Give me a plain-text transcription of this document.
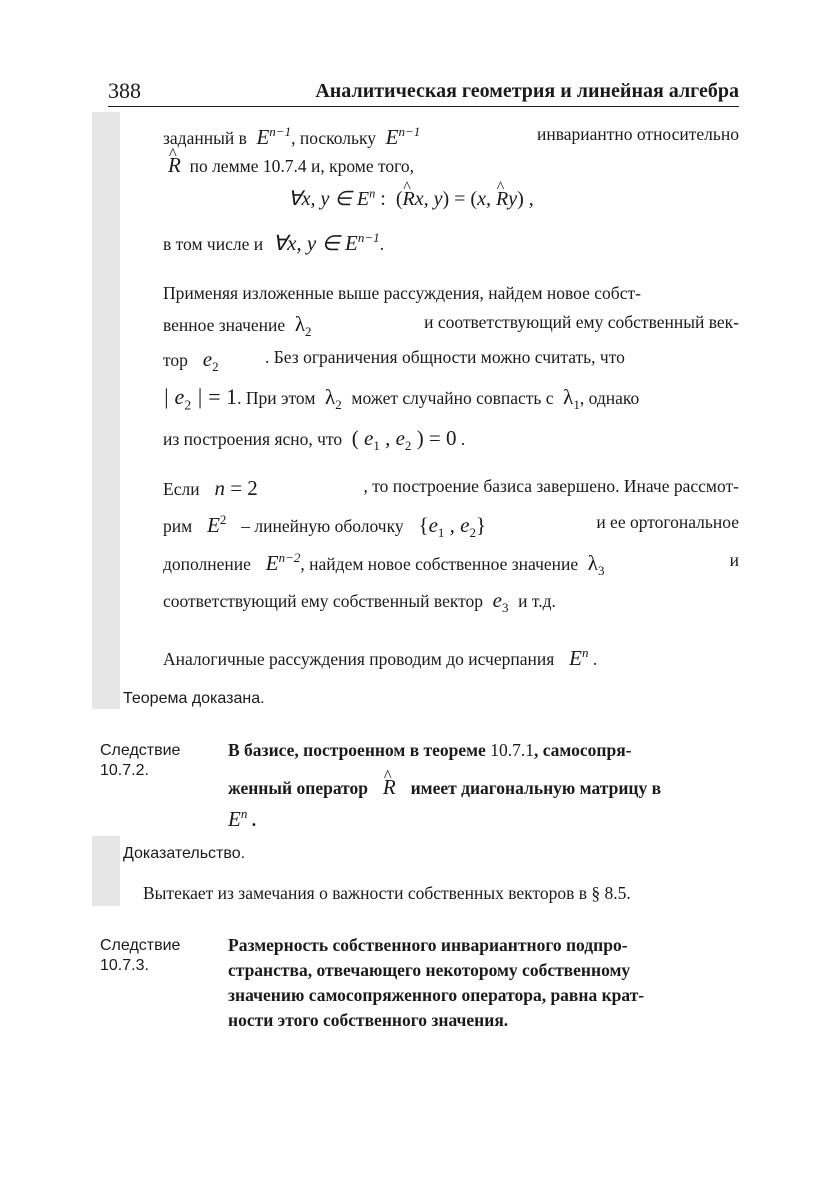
388	Аналитическая геометрия и линейная алгебра
заданный в  $E^{n-1}$, поскольку  $E^{n-1}$	инвариантно относительно
^ R по лемме 10.7.4 и, кроме того,
∀x, y ∈ $E^n$ :  (^ Rx, y) = (x, ^ Ry) ,
в том числе и  ∀x, y ∈ $E^{n-1}$.
Применяя изложенные выше рассуждения, найдем новое собст-
венное значение  $\lambda_2$	и соответствующий ему собственный век-
тор   $e_2$	. Без ограничения общности можно считать, что
| $e_2$ | = 1. При этом  $\lambda_2$ может случайно совпасть с  $\lambda_1$, однако
из построения ясно, что ( $e_1$ , $e_2$ ) = 0 .
Если   n = 2	, то построение базиса завершено. Иначе рассмот-
рим   $E^2$ – линейную оболочку {$e_1$ , $e_2$}	и ее ортогональное
дополнение   $E^{n-2}$, найдем новое собственное значение  $\lambda_3$
и
соответствующий ему собственный вектор  $e_3$ и т.д.
Аналогичные рассуждения проводим до исчерпания   $E^n$ .
Теорема доказана.
Следствие
10.7.2.
В базисе, построенном в теореме 10.7.1, самосопря-
женный оператор   ^ R имеет диагональную матрицу в
$E^n$ .
Доказательство.
Вытекает из замечания о важности собственных векторов в § 8.5.
Следствие
10.7.3.
Размерность собственного инвариантного подпро-
странства, отвечающего некоторому собственному
значению самосопряженного оператора, равна крат-
ности этого собственного значения.
